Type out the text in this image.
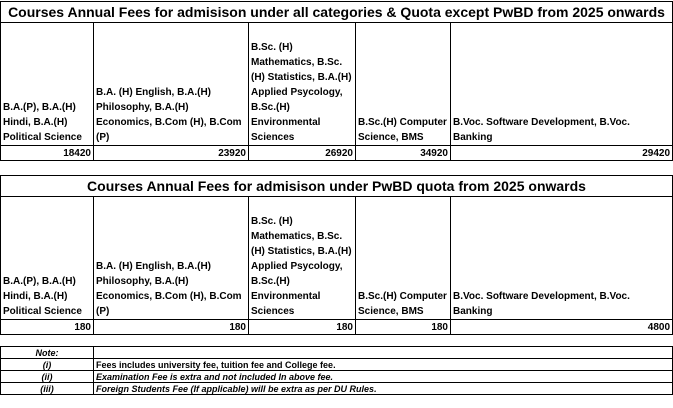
Courses Annual Fees for admisison under all categories & Quota except PwBD from 2025 onwards				
B.A.(P), B.A.(H) Hindi, B.A.(H) Political Science	B.A. (H) English, B.A.(H) Philosophy, B.A.(H) Economics, B.Com (H), B.Com (P)	B.Sc. (H) Mathematics, B.Sc.(H) Statistics, B.A.(H) Applied Psycology, B.Sc.(H) Environmental Sciences	B.Sc.(H) Computer Science, BMS	B.Voc. Software Development, B.Voc. Banking
18420	23920	26920	34920	29420
Courses Annual Fees for admisison under PwBD quota from 2025 onwards				
B.A.(P), B.A.(H) Hindi, B.A.(H) Political Science	B.A. (H) English, B.A.(H) Philosophy, B.A.(H) Economics, B.Com (H), B.Com (P)	B.Sc. (H) Mathematics, B.Sc.(H) Statistics, B.A.(H) Applied Psycology, B.Sc.(H) Environmental Sciences	B.Sc.(H) Computer Science, BMS	B.Voc. Software Development, B.Voc. Banking
180	180	180	180	4800
Note:	
(i)	Fees includes university fee, tuition fee and College fee.
(ii)	Examination Fee is extra and not included In above fee.
(iii)	Foreign Students Fee (If applicable) will be extra as per DU Rules.
